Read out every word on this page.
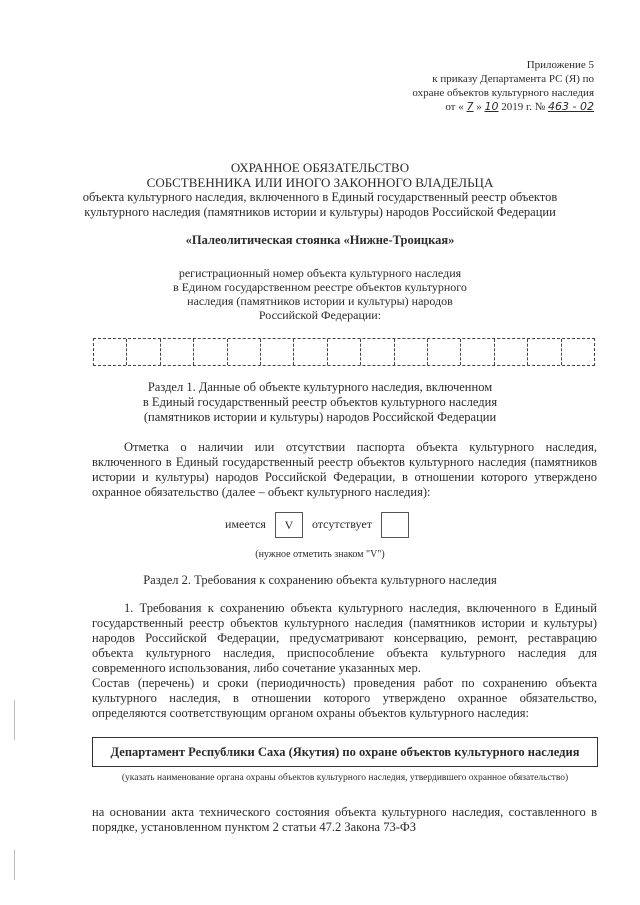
Приложение 5
к приказу Департамента РС (Я) по
охране объектов культурного наследия
от « 7 » 10 2019 г. № 463 - 02
ОХРАННОЕ ОБЯЗАТЕЛЬСТВО
СОБСТВЕННИКА ИЛИ ИНОГО ЗАКОННОГО ВЛАДЕЛЬЦА
объекта культурного наследия, включенного в Единый государственный реестр объектов
культурного наследия (памятников истории и культуры) народов Российской Федерации
«Палеолитическая стоянка «Нижне-Троицкая»
регистрационный номер объекта культурного наследия
в Едином государственном реестре объектов культурного
наследия (памятников истории и культуры) народов
Российской Федерации:
Раздел 1. Данные об объекте культурного наследия, включенном
в Единый государственный реестр объектов культурного наследия
(памятников истории и культуры) народов Российской Федерации
Отметка о наличии или отсутствии паспорта объекта культурного наследия, включенного в Единый государственный реестр объектов культурного наследия (памятников истории и культуры) народов Российской Федерации, в отношении которого утверждено охранное обязательство (далее – объект культурного наследия):
имеется V отсутствует
(нужное отметить знаком "V")
Раздел 2. Требования к сохранению объекта культурного наследия
1. Требования к сохранению объекта культурного наследия, включенного в Единый государственный реестр объектов культурного наследия (памятников истории и культуры) народов Российской Федерации, предусматривают консервацию, ремонт, реставрацию объекта культурного наследия, приспособление объекта культурного наследия для современного использования, либо сочетание указанных мер.
Состав (перечень) и сроки (периодичность) проведения работ по сохранению объекта культурного наследия, в отношении которого утверждено охранное обязательство, определяются соответствующим органом охраны объектов культурного наследия:
Департамент Республики Саха (Якутия) по охране объектов культурного наследия
(указать наименование органа охраны объектов культурного наследия, утвердившего охранное обязательство)
на основании акта технического состояния объекта культурного наследия, составленного в порядке, установленном пунктом 2 статьи 47.2 Закона 73-ФЗ
